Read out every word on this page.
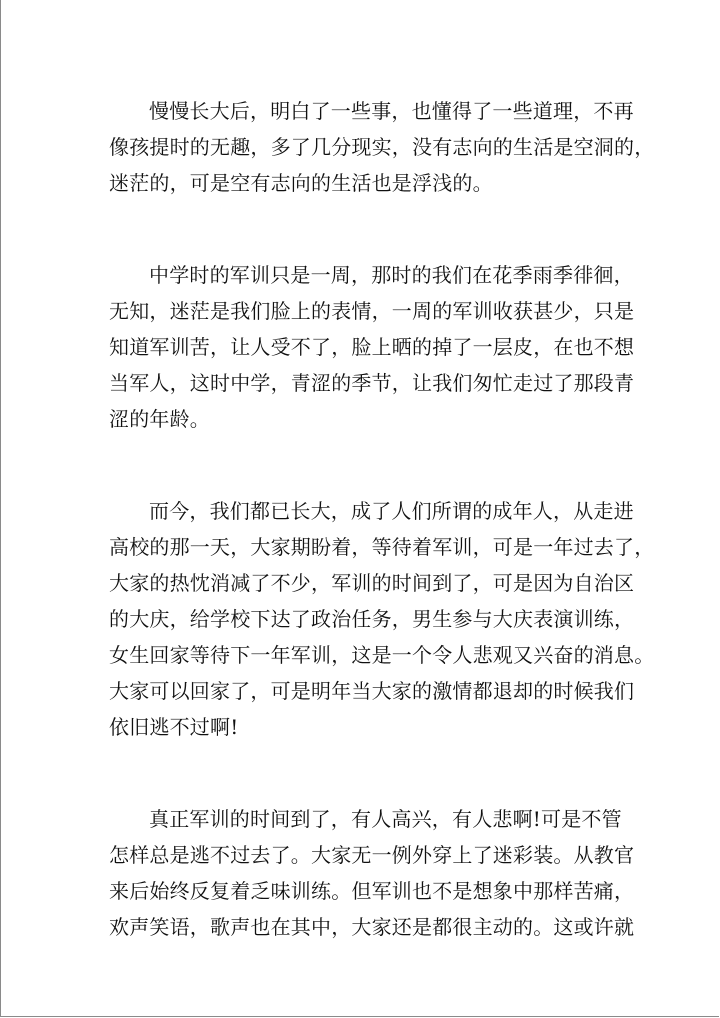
慢慢长大后，明白了一些事，也懂得了一些道理，不再
像孩提时的无趣，多了几分现实，没有志向的生活是空洞的，
迷茫的，可是空有志向的生活也是浮浅的。
中学时的军训只是一周，那时的我们在花季雨季徘徊，
无知，迷茫是我们脸上的表情，一周的军训收获甚少，只是
知道军训苦，让人受不了，脸上晒的掉了一层皮，在也不想
当军人，这时中学，青涩的季节，让我们匆忙走过了那段青
涩的年龄。
而今，我们都已长大，成了人们所谓的成年人，从走进
高校的那一天，大家期盼着，等待着军训，可是一年过去了，
大家的热忱消减了不少，军训的时间到了，可是因为自治区
的大庆，给学校下达了政治任务，男生参与大庆表演训练，
女生回家等待下一年军训，这是一个令人悲观又兴奋的消息。
大家可以回家了，可是明年当大家的激情都退却的时候我们
依旧逃不过啊!
真正军训的时间到了，有人高兴，有人悲啊!可是不管
怎样总是逃不过去了。大家无一例外穿上了迷彩装。从教官
来后始终反复着乏味训练。但军训也不是想象中那样苦痛，
欢声笑语，歌声也在其中，大家还是都很主动的。这或许就
